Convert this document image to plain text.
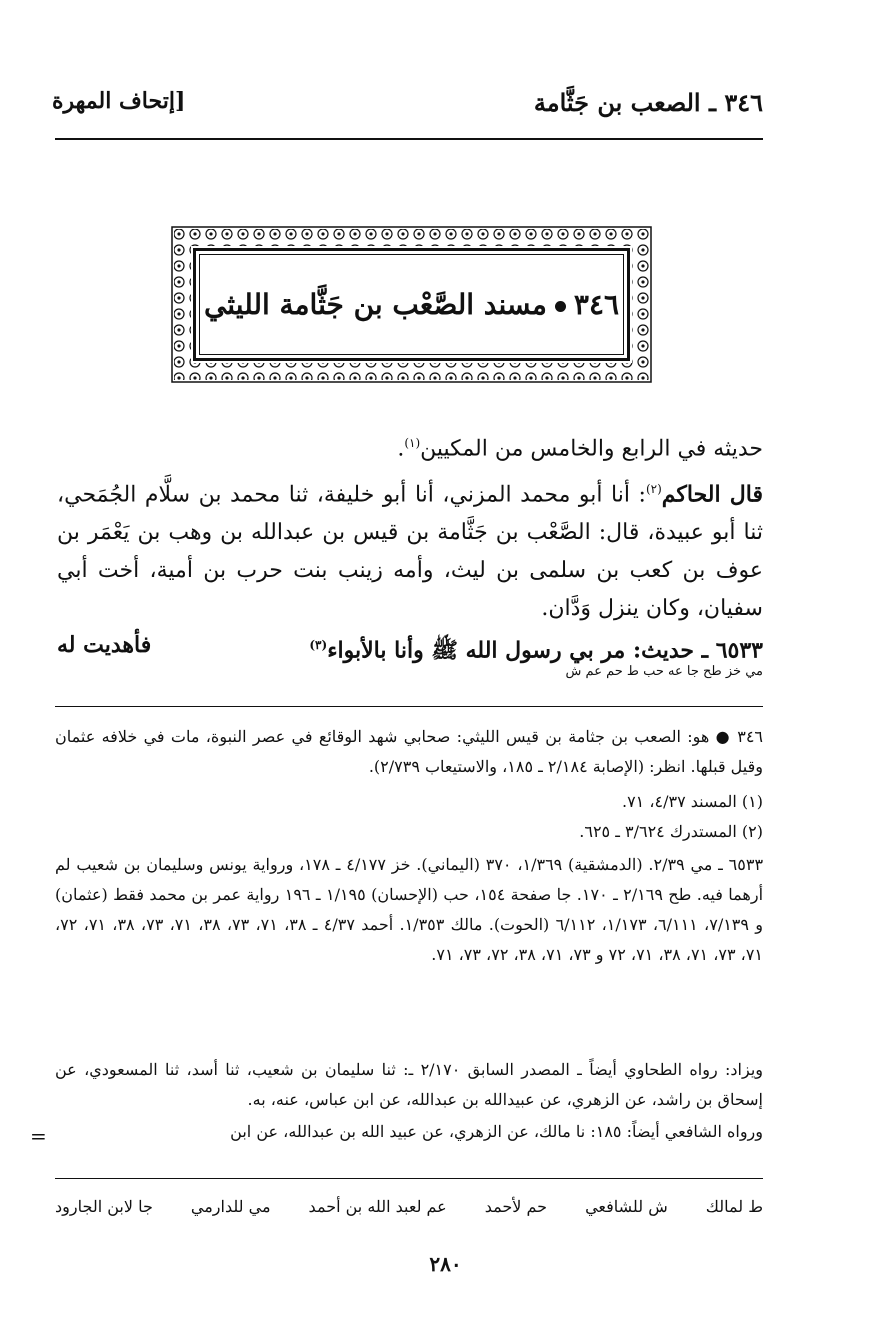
٣٤٦ ـ الصعب بن جَثَّامة
[إتحاف المهرة
٣٤٦مسند الصَّعْب بن جَثَّامة الليثي
حديثه في الرابع والخامس من المكيين$^{(١)}$.
قال الحاكم$^{(٢)}$: أنا أبو محمد المزني، أنا أبو خليفة، ثنا محمد بن سلَّام الجُمَحي، ثنا أبو عبيدة، قال: الصَّعْب بن جَثَّامة بن قيس بن عبدالله بن وهب بن يَعْمَر بن عوف بن كعب بن سلمى بن ليث، وأمه زينب بنت حرب بن أمية، أخت أبي سفيان، وكان ينزل وَدَّان.
٦٥٣٣ ـ حديث: مر بي رسول الله ﷺ وأنا بالأبواء$^{(٣)}$
فأهديت له
مي خز طح جا عه حب ط حم عم ش
٣٤٦ ● هو: الصعب بن جثامة بن قيس الليثي: صحابي شهد الوقائع في عصر النبوة، مات في خلافه عثمان وقيل قبلها. انظر: (الإصابة ٢/١٨٤ ـ ١٨٥، والاستيعاب ٢/٧٣٩).
(١) المسند ٤/٣٧، ٧١.
(٢) المستدرك ٣/٦٢٤ ـ ٦٢٥.
٦٥٣٣ ـ مي ٢/٣٩. (الدمشقية) ١/٣٦٩، ٣٧٠ (اليماني). خز ٤/١٧٧ ـ ١٧٨، ورواية يونس وسليمان بن شعيب لم أرهما فيه. طح ٢/١٦٩ ـ ١٧٠. جا صفحة ١٥٤، حب (الإحسان) ١/١٩٥ ـ ١٩٦ رواية عمر بن محمد فقط (عثمان) و ٧/١٣٩، ٦/١١١، ١/١٧٣، ٦/١١٢ (الحوت). مالك ١/٣٥٣. أحمد ٤/٣٧ ـ ٣٨، ٧١، ٧٣، ٣٨، ٧١، ٧٣، ٣٨، ٧١، ٧٢، ٧١، ٧٣، ٧١، ٣٨، ٧١، ٧٢ و ٧٣، ٧١، ٣٨، ٧٢، ٧٣، ٧١.
ويزاد: رواه الطحاوي أيضاً ـ المصدر السابق ٢/١٧٠ ـ: ثنا سليمان بن شعيب، ثنا أسد، ثنا المسعودي، عن إسحاق بن راشد، عن الزهري، عن عبيدالله بن عبدالله، عن ابن عباس، عنه، به.
ورواه الشافعي أيضاً: ١٨٥: نا مالك، عن الزهري، عن عبيد الله بن عبدالله، عن ابن
=
ط لمالك
ش للشافعي
حم لأحمد
عم لعبد الله بن أحمد
مي للدارمي
جا لابن الجارود
٢٨٠
